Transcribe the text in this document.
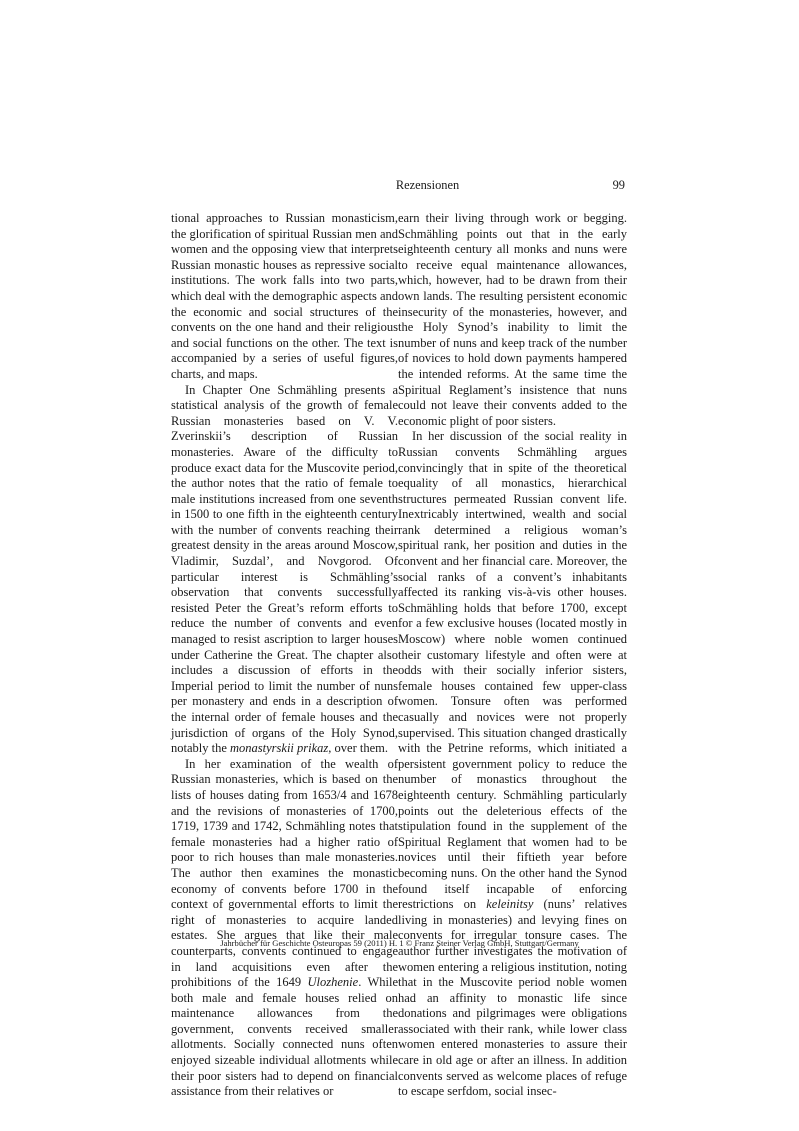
Rezensionen	99

tional approaches to Russian monasticism, the glorification of spiritual Russian men and women and the opposing view that interprets Russian monastic houses as repressive social institutions. The work falls into two parts, which deal with the demographic aspects and the economic and social structures of the convents on the one hand and their religious and social functions on the other. The text is accompanied by a series of useful figures, charts, and maps.

In Chapter One Schmähling presents a statistical analysis of the growth of female Russian monasteries based on V. V. Zverinskii’s description of Russian monasteries. Aware of the difficulty to produce exact data for the Muscovite period, the author notes that the ratio of female to male institutions increased from one seventh in 1500 to one fifth in the eighteenth century with the number of convents reaching their greatest density in the areas around Moscow, Vladimir, Suzdal’, and Novgorod. Of particular interest is Schmähling’s observation that convents successfully resisted Peter the Great’s reform efforts to reduce the number of convents and even managed to resist ascription to larger houses under Catherine the Great. The chapter also includes a discussion of efforts in the Imperial period to limit the number of nuns per monastery and ends in a description of the internal order of female houses and the jurisdiction of organs of the Holy Synod, notably the monastyrskii prikaz, over them.

In her examination of the wealth of Russian monasteries, which is based on the lists of houses dating from 1653/4 and 1678 and the revisions of monasteries of 1700, 1719, 1739 and 1742, Schmähling notes that female monasteries had a higher ratio of poor to rich houses than male monasteries. The author then examines the monastic economy of convents before 1700 in the context of governmental efforts to limit the right of monasteries to acquire landed estates. She argues that like their male counterparts, convents continued to engage in land acquisitions even after the prohibitions of the 1649 Ulozhenie. While both male and female houses relied on maintenance allowances from the government, convents received smaller allotments. Socially connected nuns often enjoyed sizeable individual allotments while their poor sisters had to depend on financial assistance from their relatives or

earn their living through work or begging. Schmähling points out that in the early eighteenth century all monks and nuns were to receive equal maintenance allowances, which, however, had to be drawn from their own lands. The resulting persistent economic insecurity of the monasteries, however, and the Holy Synod’s inability to limit the number of nuns and keep track of the number of novices to hold down payments hampered the intended reforms. At the same time the Spiritual Reglament’s insistence that nuns could not leave their convents added to the economic plight of poor sisters.

In her discussion of the social reality in Russian convents Schmähling argues convincingly that in spite of the theoretical equality of all monastics, hierarchical structures permeated Russian convent life. Inextricably intertwined, wealth and social rank determined a religious woman’s spiritual rank, her position and duties in the convent and her financial care. Moreover, the social ranks of a convent’s inhabitants affected its ranking vis-à-vis other houses. Schmähling holds that before 1700, except for a few exclusive houses (located mostly in Moscow) where noble women continued their customary lifestyle and often were at odds with their socially inferior sisters, female houses contained few upper-class women. Tonsure often was performed casually and novices were not properly supervised. This situation changed drastically with the Petrine reforms, which initiated a persistent government policy to reduce the number of monastics throughout the eighteenth century. Schmähling particularly points out the deleterious effects of the stipulation found in the supplement of the Spiritual Reglament that women had to be novices until their fiftieth year before becoming nuns. On the other hand the Synod found itself incapable of enforcing restrictions on keleinitsy (nuns’ relatives living in monasteries) and levying fines on convents for irregular tonsure cases. The author further investigates the motivation of women entering a religious institution, noting that in the Muscovite period noble women had an affinity to monastic life since donations and pilgrimages were obligations associated with their rank, while lower class women entered monasteries to assure their care in old age or after an illness. In addition convents served as welcome places of refuge to escape serfdom, social insec-

Jahrbücher für Geschichte Osteuropas 59 (2011) H. 1 © Franz Steiner Verlag GmbH, Stuttgart/Germany
